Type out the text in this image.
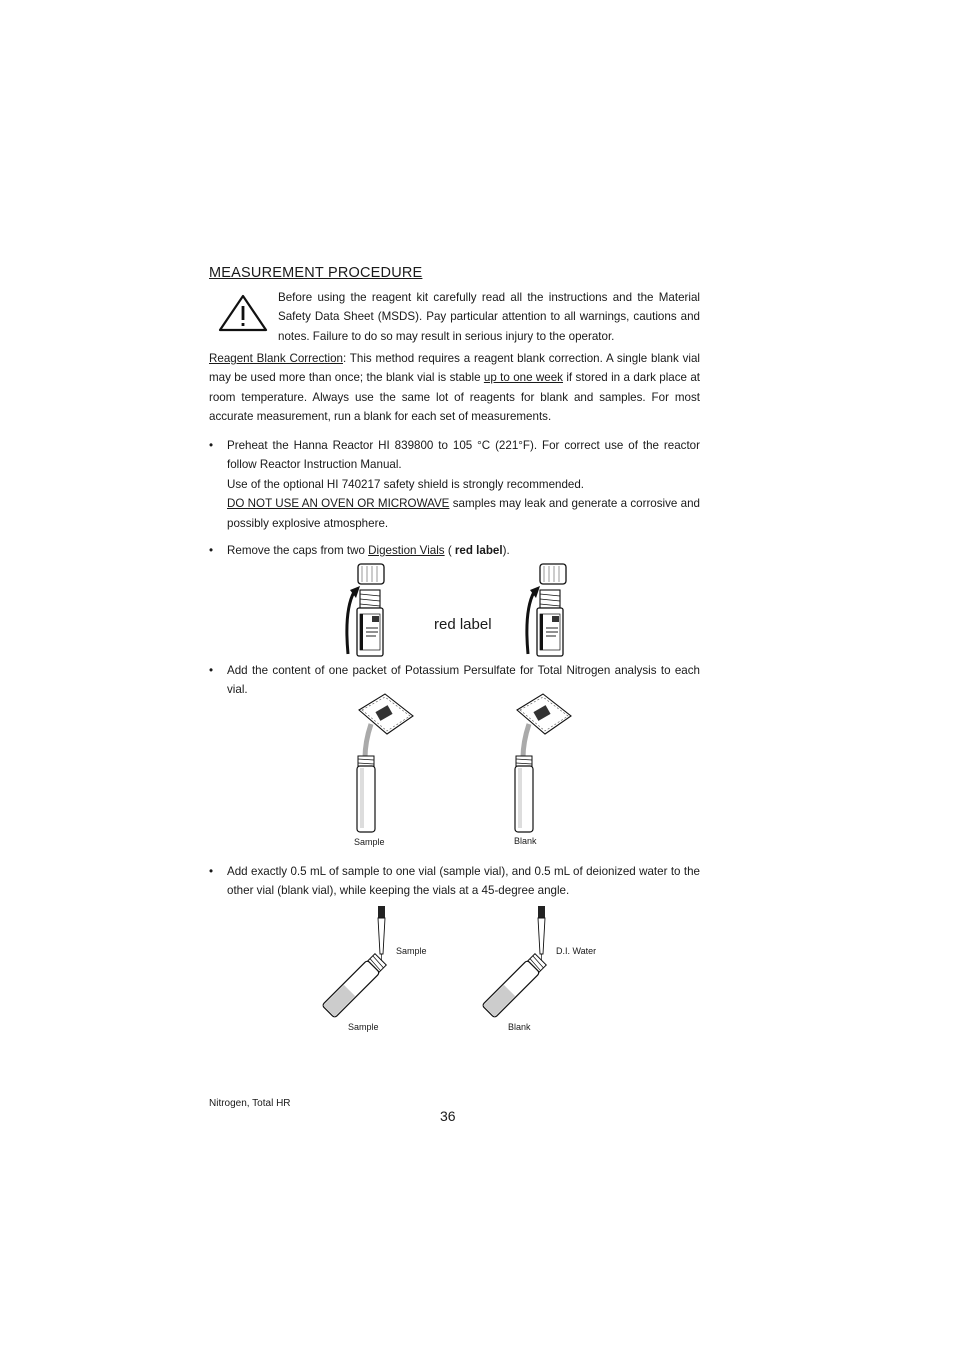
MEASUREMENT PROCEDURE
Before using the reagent kit carefully read all the instructions and the Material Safety Data Sheet (MSDS). Pay particular attention to all warnings, cautions and notes. Failure to do so may result in serious injury to the operator.
Reagent Blank Correction: This method requires a reagent blank correction. A single blank vial may be used more than once; the blank vial is stable up to one week if stored in a dark place at room temperature. Always use the same lot of reagents for blank and samples. For most accurate measurement, run a blank for each set of measurements.
• Preheat the Hanna Reactor HI 839800 to 105 °C (221°F). For correct use of the reactor follow Reactor Instruction Manual.
Use of the optional HI 740217 safety shield is strongly recommended.
DO NOT USE AN OVEN OR MICROWAVE samples may leak and generate a corrosive and possibly explosive atmosphere.
• Remove the caps from two Digestion Vials ( red label).
red label
• Add the content of one packet of Potassium Persulfate for Total Nitrogen analysis to each vial.
Sample	Blank
• Add exactly 0.5 mL of sample to one vial (sample vial), and 0.5 mL of deionized water to the other vial (blank vial), while keeping the vials at a 45-degree angle.
Sample
Sample
D.I. Water
Blank
Nitrogen, Total HR
36
